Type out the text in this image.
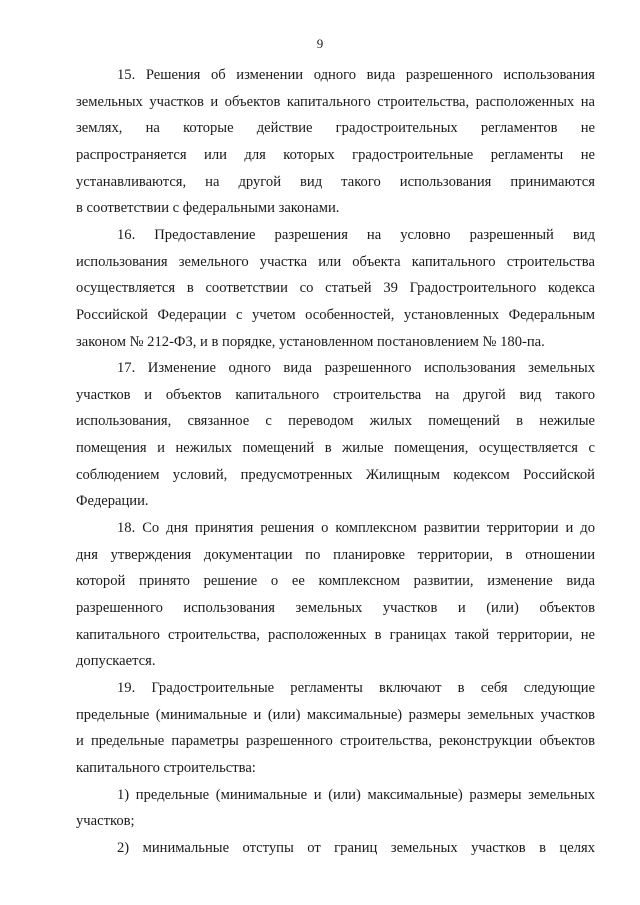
9
15. Решения об изменении одного вида разрешенного использования
земельных участков и объектов капитального строительства, расположенных на
землях, на которые действие градостроительных регламентов не
распространяется или для которых градостроительные регламенты не
устанавливаются, на другой вид такого использования принимаются
в соответствии с федеральными законами.
16. Предоставление разрешения на условно разрешенный вид
использования земельного участка или объекта капитального строительства
осуществляется в соответствии со статьей 39 Градостроительного кодекса
Российской Федерации с учетом особенностей, установленных Федеральным
законом № 212-ФЗ, и в порядке, установленном постановлением № 180-па.
17. Изменение одного вида разрешенного использования земельных
участков и объектов капитального строительства на другой вид такого
использования, связанное с переводом жилых помещений в нежилые
помещения и нежилых помещений в жилые помещения, осуществляется с
соблюдением условий, предусмотренных Жилищным кодексом Российской
Федерации.
18. Со дня принятия решения о комплексном развитии территории и до
дня утверждения документации по планировке территории, в отношении
которой принято решение о ее комплексном развитии, изменение вида
разрешенного использования земельных участков и (или) объектов
капитального строительства, расположенных в границах такой территории, не
допускается.
19. Градостроительные регламенты включают в себя следующие
предельные (минимальные и (или) максимальные) размеры земельных участков
и предельные параметры разрешенного строительства, реконструкции объектов
капитального строительства:
1) предельные (минимальные и (или) максимальные) размеры земельных
участков;
2) минимальные отступы от границ земельных участков в целях
